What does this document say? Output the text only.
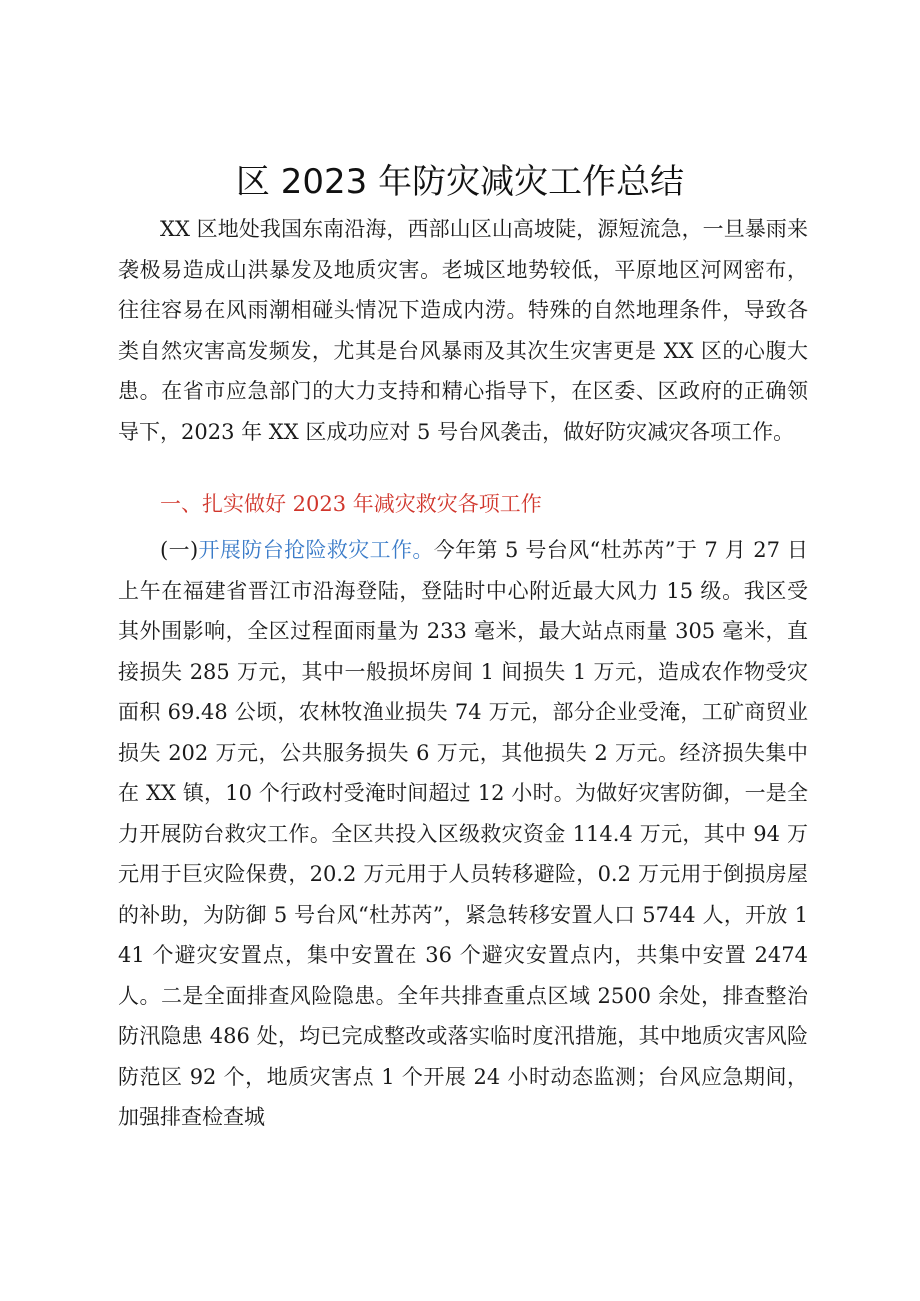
区 2023 年防灾减灾工作总结

XX 区地处我国东南沿海，西部山区山高坡陡，源短流急，一旦暴雨来袭极易造成山洪暴发及地质灾害。老城区地势较低，平原地区河网密布，往往容易在风雨潮相碰头情况下造成内涝。特殊的自然地理条件，导致各类自然灾害高发频发，尤其是台风暴雨及其次生灾害更是 XX 区的心腹大患。在省市应急部门的大力支持和精心指导下，在区委、区政府的正确领导下，2023 年 XX 区成功应对 5 号台风袭击，做好防灾减灾各项工作。

一、扎实做好 2023 年减灾救灾各项工作

(一)开展防台抢险救灾工作。今年第 5 号台风“杜苏芮”于 7 月 27 日上午在福建省晋江市沿海登陆，登陆时中心附近最大风力 15 级。我区受其外围影响，全区过程面雨量为 233 毫米，最大站点雨量 305 毫米，直接损失 285 万元，其中一般损坏房间 1 间损失 1 万元，造成农作物受灾面积 69.48 公顷，农林牧渔业损失 74 万元，部分企业受淹，工矿商贸业损失 202 万元，公共服务损失 6 万元，其他损失 2 万元。经济损失集中在 XX 镇，10 个行政村受淹时间超过 12 小时。为做好灾害防御，一是全力开展防台救灾工作。全区共投入区级救灾资金 114.4 万元，其中 94 万元用于巨灾险保费，20.2 万元用于人员转移避险，0.2 万元用于倒损房屋的补助，为防御 5 号台风“杜苏芮”，紧急转移安置人口 5744 人，开放 141 个避灾安置点，集中安置在 36 个避灾安置点内，共集中安置 2474 人。二是全面排查风险隐患。全年共排查重点区域 2500 余处，排查整治防汛隐患 486 处，均已完成整改或落实临时度汛措施，其中地质灾害风险防范区 92 个，地质灾害点 1 个开展 24 小时动态监测；台风应急期间，加强排查检查城
